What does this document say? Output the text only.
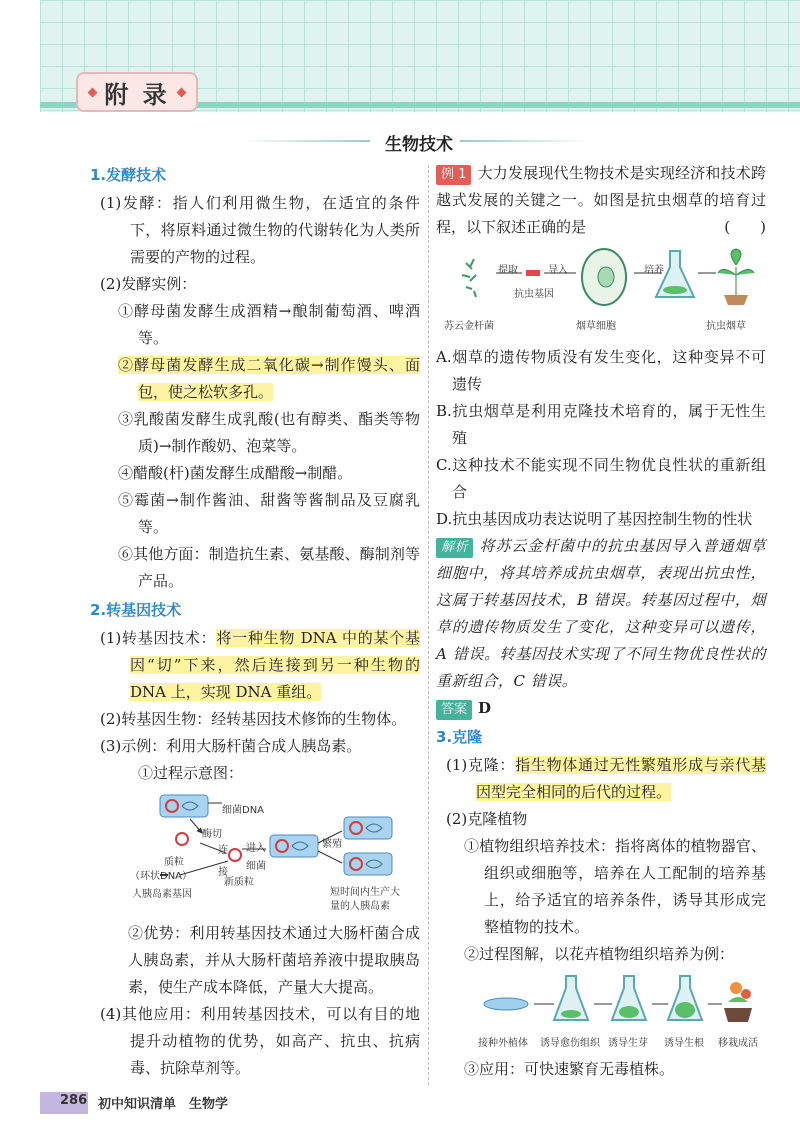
附 录
生物技术
1.发酵技术
(1)发酵：指人们利用微生物，在适宜的条件下，将原料通过微生物的代谢转化为人类所需要的产物的过程。
(2)发酵实例：
①酵母菌发酵生成酒精→酿制葡萄酒、啤酒等。
②酵母菌发酵生成二氧化碳→制作馒头、面包，使之松软多孔。
③乳酸菌发酵生成乳酸(也有醇类、酯类等物质)→制作酸奶、泡菜等。
④醋酸(杆)菌发酵生成醋酸→制醋。
⑤霉菌→制作酱油、甜酱等酱制品及豆腐乳等。
⑥其他方面：制造抗生素、氨基酸、酶制剂等产品。
2.转基因技术
(1)转基因技术：将一种生物 DNA 中的某个基因“切”下来，然后连接到另一种生物的 DNA 上，实现 DNA 重组。
(2)转基因生物：经转基因技术修饰的生物体。
(3)示例：利用大肠杆菌合成人胰岛素。
①过程示意图：
细菌DNA
酶切
质粒
（环状DNA）
连
接
进入
细菌
新质粒
繁殖
人胰岛素基因	短时间内生产大
量的人胰岛素
②优势：利用转基因技术通过大肠杆菌合成人胰岛素，并从大肠杆菌培养液中提取胰岛素，使生产成本降低，产量大大提高。
(4)其他应用：利用转基因技术，可以有目的地提升动植物的优势，如高产、抗虫、抗病毒、抗除草剂等。
例 1 大力发展现代生物技术是实现经济和技术跨越式发展的关键之一。如图是抗虫烟草的培育过程，以下叙述正确的是	(　　)
提取	导入	培养
抗虫基因
苏云金杆菌	烟草细胞	抗虫烟草
A.烟草的遗传物质没有发生变化，这种变异不可遗传
B.抗虫烟草是利用克隆技术培育的，属于无性生殖
C.这种技术不能实现不同生物优良性状的重新组合
D.抗虫基因成功表达说明了基因控制生物的性状
解析 将苏云金杆菌中的抗虫基因导入普通烟草细胞中，将其培养成抗虫烟草，表现出抗虫性，这属于转基因技术，B 错误。转基因过程中，烟草的遗传物质发生了变化，这种变异可以遗传，A 错误。转基因技术实现了不同生物优良性状的重新组合，C 错误。
答案 D
3.克隆
(1)克隆：指生物体通过无性繁殖形成与亲代基因型完全相同的后代的过程。
(2)克隆植物
①植物组织培养技术：指将离体的植物器官、组织或细胞等，培养在人工配制的培养基上，给予适宜的培养条件，诱导其形成完整植物的技术。
②过程图解，以花卉植物组织培养为例：
接种外植体 诱导愈伤组织 诱导生芽 诱导生根 移栽成活
③应用：可快速繁育无毒植株。
286 初中知识清单　生物学
